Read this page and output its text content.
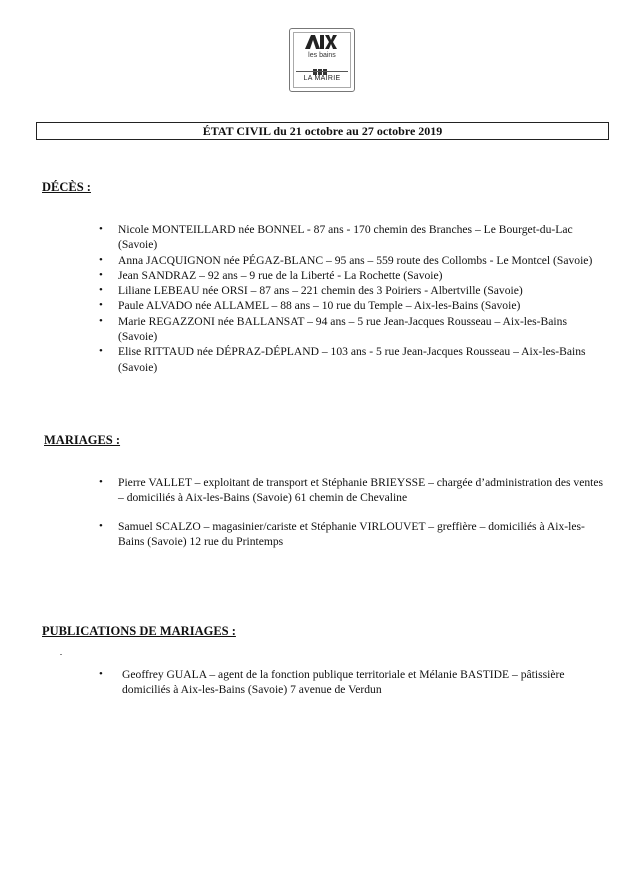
les bains
LA MAIRIE
ÉTAT CIVIL du 21 octobre au 27 octobre 2019
DÉCÈS :
• Nicole MONTEILLARD née BONNEL - 87 ans - 170 chemin des Branches – Le Bourget-du-Lac (Savoie)
• Anna JACQUIGNON née PÉGAZ-BLANC – 95 ans – 559 route des Collombs - Le Montcel (Savoie)
• Jean SANDRAZ – 92 ans – 9 rue de la Liberté - La Rochette (Savoie)
• Liliane LEBEAU née ORSI – 87 ans – 221 chemin des 3 Poiriers - Albertville (Savoie)
• Paule ALVADO née ALLAMEL – 88 ans – 10 rue du Temple – Aix-les-Bains (Savoie)
• Marie REGAZZONI née BALLANSAT – 94 ans – 5 rue Jean-Jacques Rousseau – Aix-les-Bains (Savoie)
• Elise RITTAUD née DÉPRAZ-DÉPLAND – 103 ans - 5 rue Jean-Jacques Rousseau – Aix-les-Bains (Savoie)
MARIAGES :
• Pierre VALLET – exploitant de transport et Stéphanie BRIEYSSE – chargée d’administration des ventes – domiciliés à Aix-les-Bains (Savoie) 61 chemin de Chevaline
• Samuel SCALZO – magasinier/cariste et Stéphanie VIRLOUVET – greffière – domiciliés à Aix-les-Bains (Savoie) 12 rue du Printemps
PUBLICATIONS DE MARIAGES :
• Geoffrey GUALA – agent de la fonction publique territoriale et Mélanie BASTIDE – pâtissière domiciliés à Aix-les-Bains (Savoie) 7 avenue de Verdun
